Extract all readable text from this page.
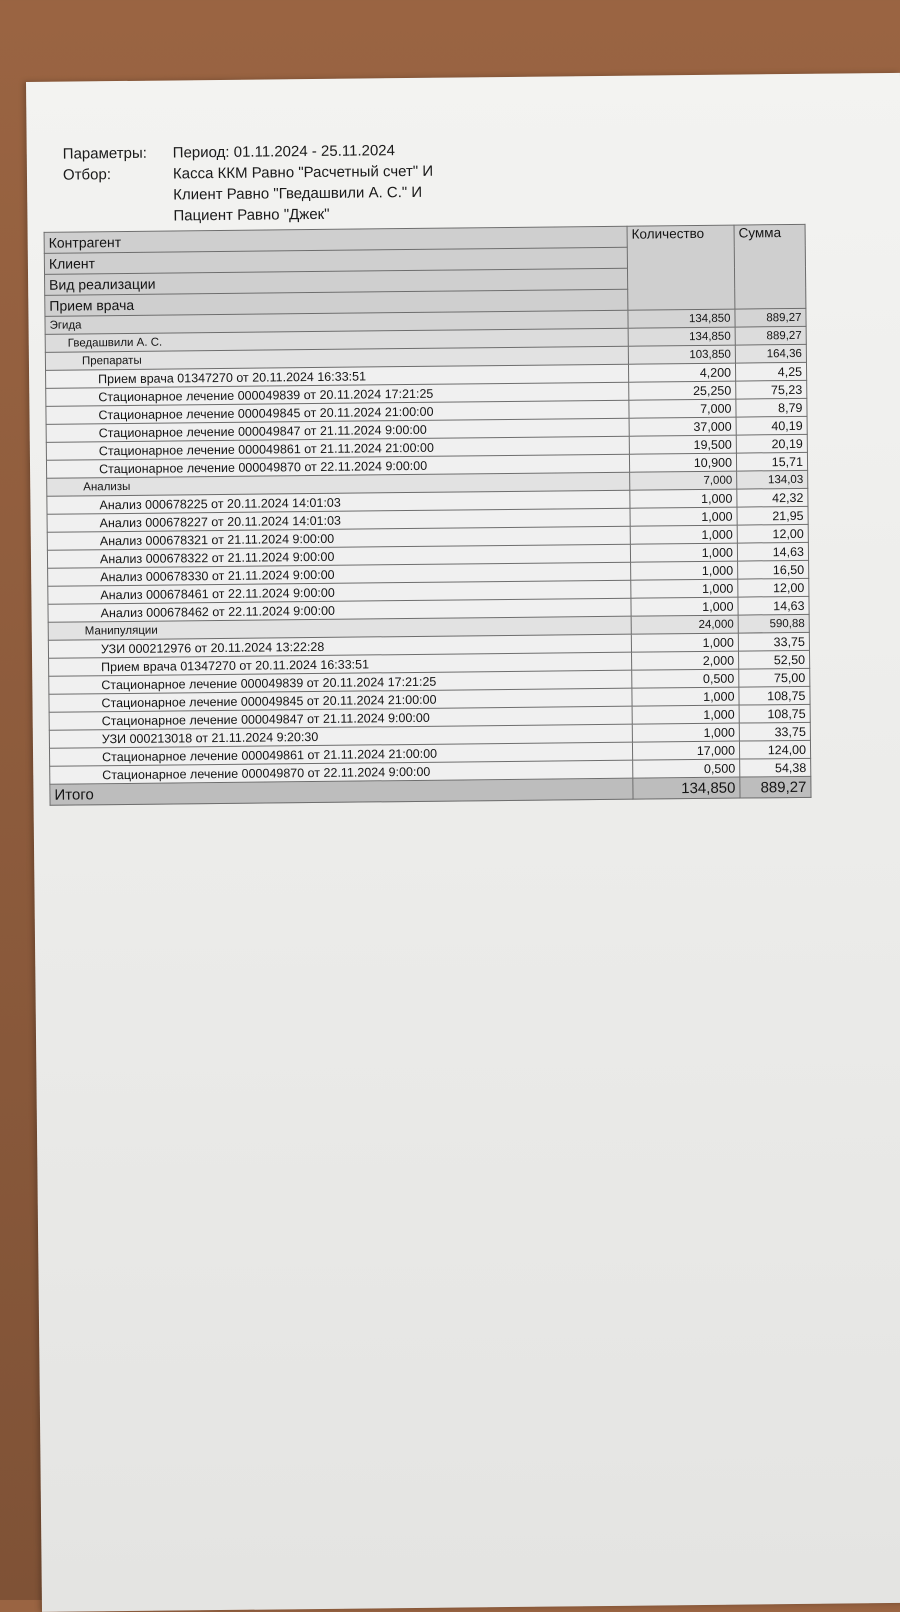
Параметры:	Период: 01.11.2024 - 25.11.2024
Отбор:	Касса ККМ Равно "Расчетный счет" И
Клиент Равно "Гведашвили А. С." И
Пациент Равно "Джек"
Контрагент	Количество	Сумма
Клиент		
Вид реализации		
Прием врача		
Эгида	134,850	889,27
Гведашвили А. С.	134,850	889,27
Препараты	103,850	164,36
Прием врача 01347270 от 20.11.2024 16:33:51	4,200	4,25
Стационарное лечение 000049839 от 20.11.2024 17:21:25	25,250	75,23
Стационарное лечение 000049845 от 20.11.2024 21:00:00	7,000	8,79
Стационарное лечение 000049847 от 21.11.2024 9:00:00	37,000	40,19
Стационарное лечение 000049861 от 21.11.2024 21:00:00	19,500	20,19
Стационарное лечение 000049870 от 22.11.2024 9:00:00	10,900	15,71
Анализы	7,000	134,03
Анализ 000678225 от 20.11.2024 14:01:03	1,000	42,32
Анализ 000678227 от 20.11.2024 14:01:03	1,000	21,95
Анализ 000678321 от 21.11.2024 9:00:00	1,000	12,00
Анализ 000678322 от 21.11.2024 9:00:00	1,000	14,63
Анализ 000678330 от 21.11.2024 9:00:00	1,000	16,50
Анализ 000678461 от 22.11.2024 9:00:00	1,000	12,00
Анализ 000678462 от 22.11.2024 9:00:00	1,000	14,63
Манипуляции	24,000	590,88
УЗИ 000212976 от 20.11.2024 13:22:28	1,000	33,75
Прием врача 01347270 от 20.11.2024 16:33:51	2,000	52,50
Стационарное лечение 000049839 от 20.11.2024 17:21:25	0,500	75,00
Стационарное лечение 000049845 от 20.11.2024 21:00:00	1,000	108,75
Стационарное лечение 000049847 от 21.11.2024 9:00:00	1,000	108,75
УЗИ 000213018 от 21.11.2024 9:20:30	1,000	33,75
Стационарное лечение 000049861 от 21.11.2024 21:00:00	17,000	124,00
Стационарное лечение 000049870 от 22.11.2024 9:00:00	0,500	54,38
Итого	134,850	889,27
